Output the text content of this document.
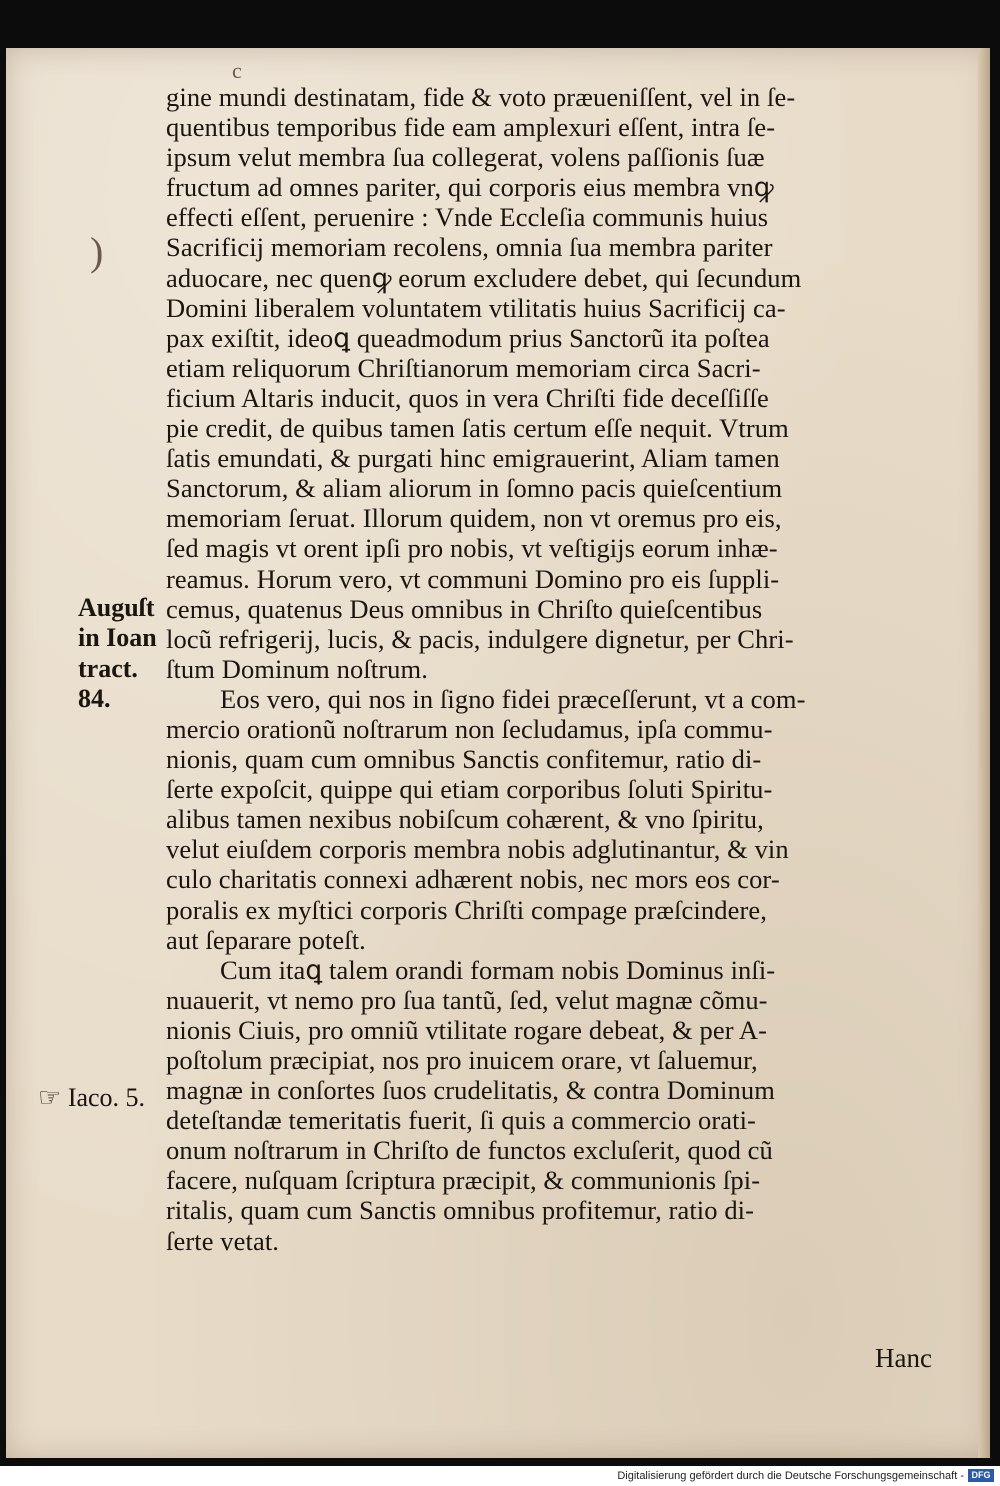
c
)
gine mundi destinatam, fide & voto præueniſſent, vel in ſe-
quentibus temporibus fide eam amplexuri eſſent, intra ſe-
ipsum velut membra ſua collegerat, volens paſſionis ſuæ
fructum ad omnes pariter, qui corporis eius membra vnꝙ
effecti eſſent, peruenire : Vnde Eccleſia communis huius
Sacrificij memoriam recolens, omnia ſua membra pariter
aduocare, nec quenꝙ eorum excludere debet, qui ſecundum
Domini liberalem voluntatem vtilitatis huius Sacrificij ca-
pax exiſtit, ideoꝗ queadmodum prius Sanctorũ ita poſtea
etiam reliquorum Chriſtianorum memoriam circa Sacri-
ficium Altaris inducit, quos in vera Chriſti fide deceſſiſſe
pie credit, de quibus tamen ſatis certum eſſe nequit. Vtrum
ſatis emundati, & purgati hinc emigrauerint, Aliam tamen
Sanctorum, & aliam aliorum in ſomno pacis quieſcentium
memoriam ſeruat. Illorum quidem, non vt oremus pro eis,
ſed magis vt orent ipſi pro nobis, vt veſtigijs eorum inhæ-
reamus. Horum vero, vt communi Domino pro eis ſuppli-
cemus, quatenus Deus omnibus in Chriſto quieſcentibus
locũ refrigerij, lucis, & pacis, indulgere dignetur, per Chri-
ſtum Dominum noſtrum.
Eos vero, qui nos in ſigno fidei præceſſerunt, vt a com-
mercio orationũ noſtrarum non ſecludamus, ipſa commu-
nionis, quam cum omnibus Sanctis confitemur, ratio di-
ſerte expoſcit, quippe qui etiam corporibus ſoluti Spiritu-
alibus tamen nexibus nobiſcum cohærent, & vno ſpiritu,
velut eiuſdem corporis membra nobis adglutinantur, & vin
culo charitatis connexi adhærent nobis, nec mors eos cor-
poralis ex myſtici corporis Chriſti compage præſcindere,
aut ſeparare poteſt.
Cum itaꝗ talem orandi formam nobis Dominus inſi-
nuauerit, vt nemo pro ſua tantũ, ſed, velut magnæ cõmu-
nionis Ciuis, pro omniũ vtilitate rogare debeat, & per A-
poſtolum præcipiat, nos pro inuicem orare, vt ſaluemur,
magnæ in conſortes ſuos crudelitatis, & contra Dominum
deteſtandæ temeritatis fuerit, ſi quis a commercio orati-
onum noſtrarum in Chriſto de functos excluſerit, quod cũ
facere, nuſquam ſcriptura præcipit, & communionis ſpi-
ritalis, quam cum Sanctis omnibus profitemur, ratio di-
ſerte vetat.
Auguſt
in Ioan
tract.
84.
☞ Iaco. 5.
Hanc
Digitalisierung gefördert durch die Deutsche Forschungsgemeinschaft - DFG
